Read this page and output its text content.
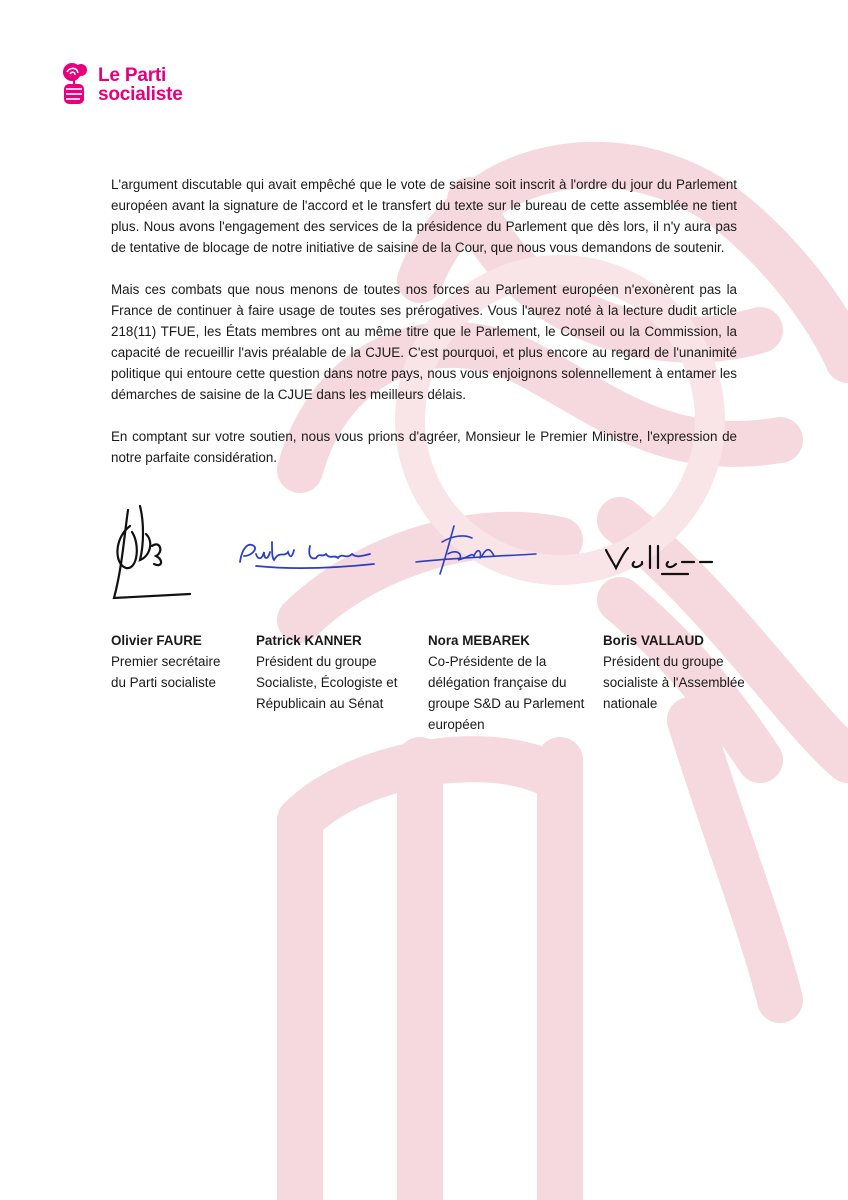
Le Parti
socialiste

L'argument discutable qui avait empêché que le vote de saisine soit inscrit à l'ordre du jour du Parlement européen avant la signature de l'accord et le transfert du texte sur le bureau de cette assemblée ne tient plus. Nous avons l'engagement des services de la présidence du Parlement que dès lors, il n'y aura pas de tentative de blocage de notre initiative de saisine de la Cour, que nous vous demandons de soutenir.

Mais ces combats que nous menons de toutes nos forces au Parlement européen n'exonèrent pas la France de continuer à faire usage de toutes ses prérogatives. Vous l'aurez noté à la lecture dudit article 218(11) TFUE, les États membres ont au même titre que le Parlement, le Conseil ou la Commission, la capacité de recueillir l'avis préalable de la CJUE. C'est pourquoi, et plus encore au regard de l'unanimité politique qui entoure cette question dans notre pays, nous vous enjoignons solennellement à entamer les démarches de saisine de la CJUE dans les meilleurs délais.

En comptant sur votre soutien, nous vous prions d'agréer, Monsieur le Premier Ministre, l'expression de notre parfaite considération.

Olivier FAURE
Premier secrétaire
du Parti socialiste
Patrick KANNER
Président du groupe
Socialiste, Écologiste et
Républicain au Sénat
Nora MEBAREK
Co-Présidente de la
délégation française du
groupe S&D au Parlement
européen
Boris VALLAUD
Président du groupe
socialiste à l'Assemblée
nationale
